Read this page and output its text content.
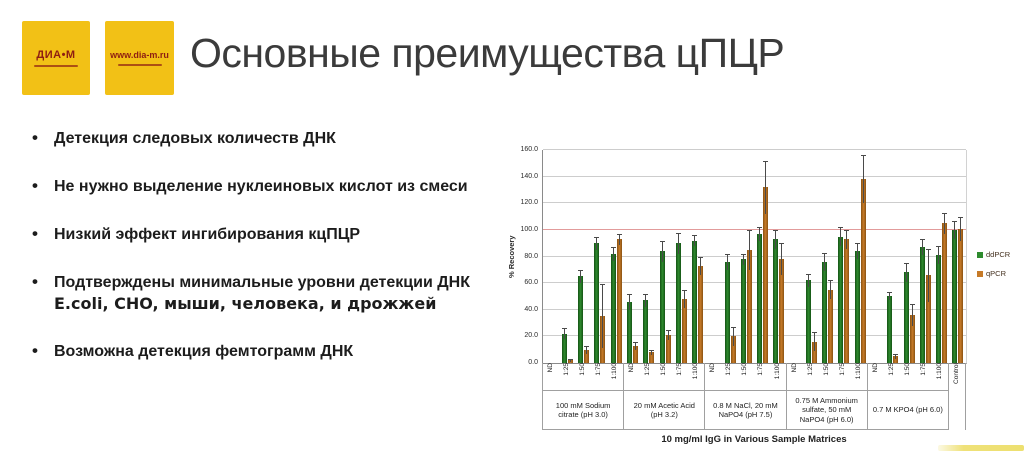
ДИА•М	www.dia-m.ru Основные преимущества цПЦР
• Детекция следовых количеств ДНК
• Не нужно выделение нуклеиновых кислот из смеси
• Низкий эффект ингибирования кцПЦР
• Подтверждены минимальные уровни детекции ДНК
E.coli, CHO, мыши, человека, и дрожжей
• Возможна детекция фемтограмм ДНК
% Recovery
0.0
20.0
40.0
60.0
80.0
100.0
120.0
140.0
160.0
ND 1:25 1:50 1:75 1:100
100 mM Sodium citrate (pH 3.0)
ND 1:25 1:50 1:75 1:100
20 mM Acetic Acid (pH 3.2)
ND 1:25 1:50 1:75 1:100
0.8 M NaCl, 20 mM NaPO4 (pH 7.5)
ND 1:25 1:50 1:75 1:100
0.75 M Ammonium sulfate, 50 mM NaPO4 (pH 6.0)
ND 1:25 1:50 1:75 1:100
0.7 M KPO4 (pH 6.0)
Control
10 mg/ml IgG in Various Sample Matrices
ddPCR
qPCR
